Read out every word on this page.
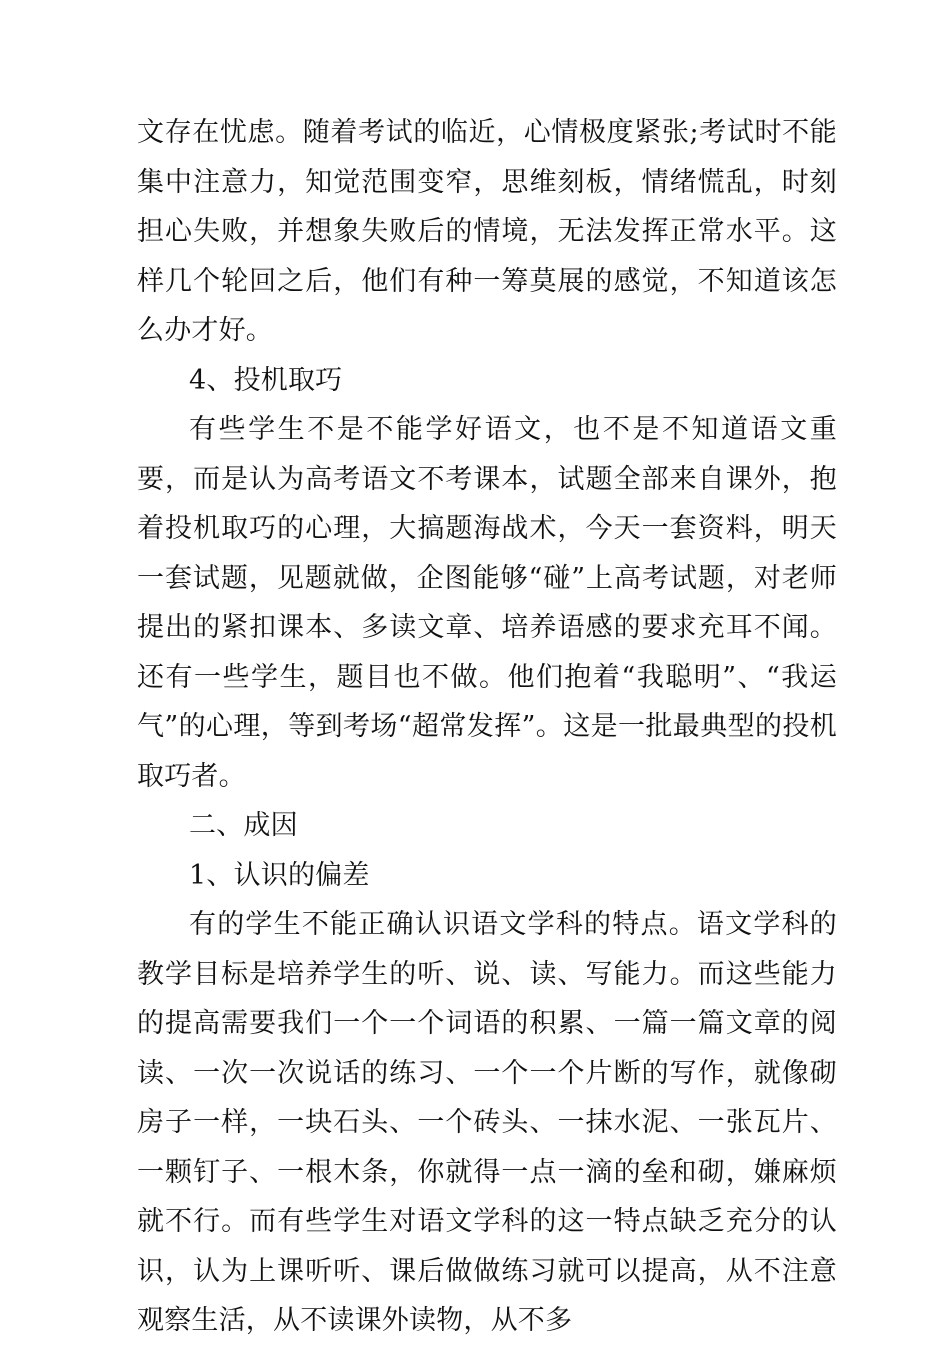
文存在忧虑。随着考试的临近，心情极度紧张;考试时不能集中注意力，知觉范围变窄，思维刻板，情绪慌乱，时刻担心失败，并想象失败后的情境，无法发挥正常水平。这样几个轮回之后，他们有种一筹莫展的感觉，不知道该怎么办才好。

4、投机取巧

有些学生不是不能学好语文，也不是不知道语文重要，而是认为高考语文不考课本，试题全部来自课外，抱着投机取巧的心理，大搞题海战术，今天一套资料，明天一套试题，见题就做，企图能够“碰”上高考试题，对老师提出的紧扣课本、多读文章、培养语感的要求充耳不闻。还有一些学生，题目也不做。他们抱着“我聪明”、“我运气”的心理，等到考场“超常发挥”。这是一批最典型的投机取巧者。

二、成因

1、认识的偏差

有的学生不能正确认识语文学科的特点。语文学科的教学目标是培养学生的听、说、读、写能力。而这些能力的提高需要我们一个一个词语的积累、一篇一篇文章的阅读、一次一次说话的练习、一个一个片断的写作，就像砌房子一样，一块石头、一个砖头、一抹水泥、一张瓦片、一颗钉子、一根木条，你就得一点一滴的垒和砌，嫌麻烦就不行。而有些学生对语文学科的这一特点缺乏充分的认识，认为上课听听、课后做做练习就可以提高，从不注意观察生活，从不读课外读物，从不多
